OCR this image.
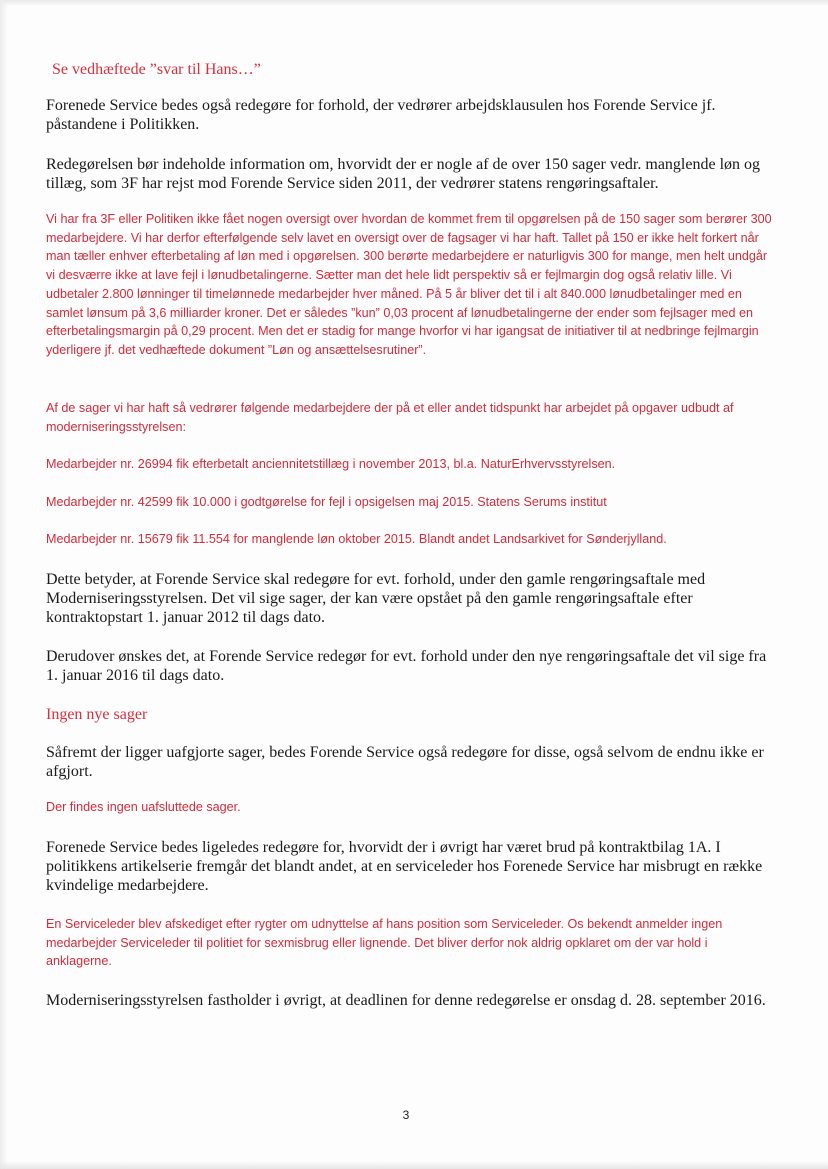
Se vedhæftede ”svar til Hans…”

Forenede Service bedes også redegøre for forhold, der vedrører arbejdsklausulen hos Forende Service jf. påstandene i Politikken.

Redegørelsen bør indeholde information om, hvorvidt der er nogle af de over 150 sager vedr. manglende løn og tillæg, som 3F har rejst mod Forende Service siden 2011, der vedrører statens rengøringsaftaler.

Vi har fra 3F eller Politiken ikke fået nogen oversigt over hvordan de kommet frem til opgørelsen på de 150 sager som berører 300 medarbejdere. Vi har derfor efterfølgende selv lavet en oversigt over de fagsager vi har haft. Tallet på 150 er ikke helt forkert når man tæller enhver efterbetaling af løn med i opgørelsen. 300 berørte medarbejdere er naturligvis 300 for mange, men helt undgår vi desværre ikke at lave fejl i lønudbetalingerne. Sætter man det hele lidt perspektiv så er fejlmargin dog også relativ lille. Vi udbetaler 2.800 lønninger til timelønnede medarbejder hver måned. På 5 år bliver det til i alt 840.000 lønudbetalinger med en samlet lønsum på 3,6 milliarder kroner. Det er således ”kun” 0,03 procent af lønudbetalingerne der ender som fejlsager med en efterbetalingsmargin på 0,29 procent. Men det er stadig for mange hvorfor vi har igangsat de initiativer til at nedbringe fejlmargin yderligere jf. det vedhæftede dokument ”Løn og ansættelsesrutiner”.

Af de sager vi har haft så vedrører følgende medarbejdere der på et eller andet tidspunkt har arbejdet på opgaver udbudt af moderniseringsstyrelsen:

Medarbejder nr. 26994 fik efterbetalt anciennitetstillæg i november 2013, bl.a. NaturErhvervsstyrelsen.

Medarbejder nr. 42599 fik 10.000 i godtgørelse for fejl i opsigelsen maj 2015. Statens Serums institut

Medarbejder nr. 15679 fik 11.554 for manglende løn oktober 2015. Blandt andet Landsarkivet for Sønderjylland.

Dette betyder, at Forende Service skal redegøre for evt. forhold, under den gamle rengøringsaftale med Moderniseringsstyrelsen. Det vil sige sager, der kan være opstået på den gamle rengøringsaftale efter kontraktopstart 1. januar 2012 til dags dato.

Derudover ønskes det, at Forende Service redegør for evt. forhold under den nye rengøringsaftale det vil sige fra 1. januar 2016 til dags dato.

Ingen nye sager

Såfremt der ligger uafgjorte sager, bedes Forende Service også redegøre for disse, også selvom de endnu ikke er afgjort.

Der findes ingen uafsluttede sager.

Forenede Service bedes ligeledes redegøre for, hvorvidt der i øvrigt har været brud på kontraktbilag 1A. I politikkens artikelserie fremgår det blandt andet, at en serviceleder hos Forenede Service har misbrugt en række kvindelige medarbejdere.

En Serviceleder blev afskediget efter rygter om udnyttelse af hans position som Serviceleder. Os bekendt anmelder ingen medarbejder Serviceleder til politiet for sexmisbrug eller lignende. Det bliver derfor nok aldrig opklaret om der var hold i anklagerne.

Moderniseringsstyrelsen fastholder i øvrigt, at deadlinen for denne redegørelse er onsdag d. 28. september 2016.

3
